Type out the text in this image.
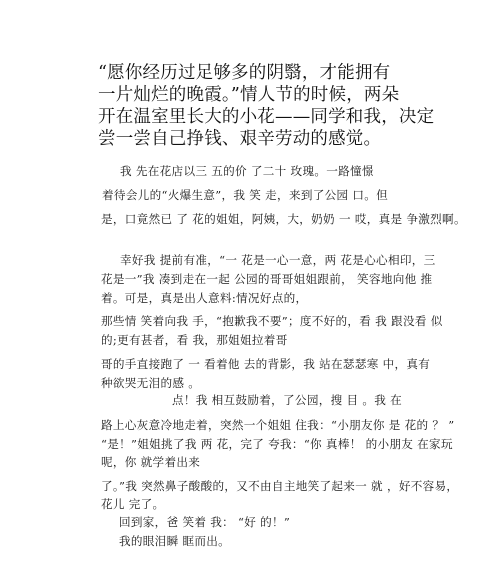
“愿你经历过足够多的阴翳，才能拥有
一片灿烂的晚霞。”情人节的时候，两朵
开在温室里长大的小花——同学和我，决定
尝一尝自己挣钱、艰辛劳动的感觉。
我 先在花店以三 五的价 了二十 玫瑰。一路憧憬
着待会儿的“火爆生意”，我 笑 走，来到了公园 口。但
是，口竟然已 了 花的姐姐，阿姨，大，奶奶 一 哎，真是 争激烈啊。
幸好我 提前有准，“一 花是一心一意，两 花是心心相印，三
花是一”我 凑到走在一起 公园的哥哥姐姐跟前， 笑容地向他 推
着。可是，真是出人意料:情况好点的，
那些情 笑着向我 手，“抱歉我不要”；度不好的，看 我 跟没看 似
的;更有甚者，看 我，那姐姐拉着哥
哥的手直接跑了 一 看着他 去的背影，我 站在瑟瑟寒 中，真有
种欲哭无泪的感 。
点！我 相互鼓励着，了公园，搜 目 。我 在
路上心灰意冷地走着，突然一个姐姐 住我：“小朋友你 是 花的 ？ ”
“是！”姐姐挑了我 两 花，完了 夸我：“你 真棒！ 的小朋友 在家玩
呢，你 就学着出来
了。”我 突然鼻子酸酸的，又不由自主地笑了起来一 就 ，好不容易，
花儿 完了。
回到家，爸 笑着 我： “好 的！”
我的眼泪瞬 眶而出。
